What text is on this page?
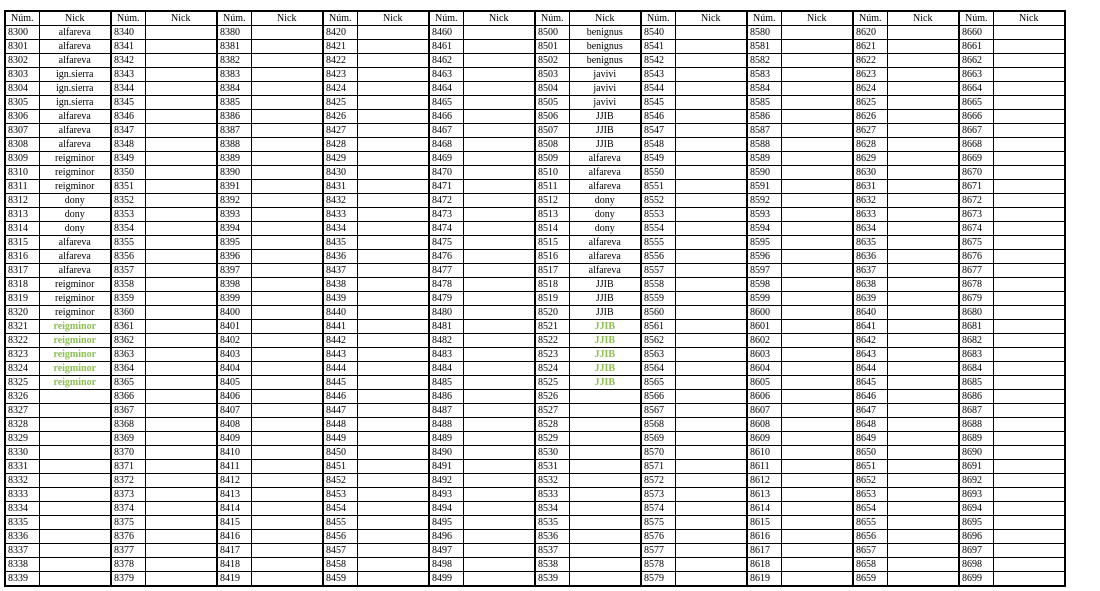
Núm.	Nick	Núm.	Nick	Núm.	Nick	Núm.	Nick	Núm.	Nick	Núm.	Nick	Núm.	Nick	Núm.	Nick	Núm.	Nick	Núm.	Nick
8300	alfareva	8340		8380		8420		8460		8500	benignus	8540		8580		8620		8660	
8301	alfareva	8341		8381		8421		8461		8501	benignus	8541		8581		8621		8661	
8302	alfareva	8342		8382		8422		8462		8502	benignus	8542		8582		8622		8662	
8303	ign.sierra	8343		8383		8423		8463		8503	javivi	8543		8583		8623		8663	
8304	ign.sierra	8344		8384		8424		8464		8504	javivi	8544		8584		8624		8664	
8305	ign.sierra	8345		8385		8425		8465		8505	javivi	8545		8585		8625		8665	
8306	alfareva	8346		8386		8426		8466		8506	JJIB	8546		8586		8626		8666	
8307	alfareva	8347		8387		8427		8467		8507	JJIB	8547		8587		8627		8667	
8308	alfareva	8348		8388		8428		8468		8508	JJIB	8548		8588		8628		8668	
8309	reigminor	8349		8389		8429		8469		8509	alfareva	8549		8589		8629		8669	
8310	reigminor	8350		8390		8430		8470		8510	alfareva	8550		8590		8630		8670	
8311	reigminor	8351		8391		8431		8471		8511	alfareva	8551		8591		8631		8671	
8312	dony	8352		8392		8432		8472		8512	dony	8552		8592		8632		8672	
8313	dony	8353		8393		8433		8473		8513	dony	8553		8593		8633		8673	
8314	dony	8354		8394		8434		8474		8514	dony	8554		8594		8634		8674	
8315	alfareva	8355		8395		8435		8475		8515	alfareva	8555		8595		8635		8675	
8316	alfareva	8356		8396		8436		8476		8516	alfareva	8556		8596		8636		8676	
8317	alfareva	8357		8397		8437		8477		8517	alfareva	8557		8597		8637		8677	
8318	reigminor	8358		8398		8438		8478		8518	JJIB	8558		8598		8638		8678	
8319	reigminor	8359		8399		8439		8479		8519	JJIB	8559		8599		8639		8679	
8320	reigminor	8360		8400		8440		8480		8520	JJIB	8560		8600		8640		8680	
8321	reigminor	8361		8401		8441		8481		8521	JJIB	8561		8601		8641		8681	
8322	reigminor	8362		8402		8442		8482		8522	JJIB	8562		8602		8642		8682	
8323	reigminor	8363		8403		8443		8483		8523	JJIB	8563		8603		8643		8683	
8324	reigminor	8364		8404		8444		8484		8524	JJIB	8564		8604		8644		8684	
8325	reigminor	8365		8405		8445		8485		8525	JJIB	8565		8605		8645		8685	
8326		8366		8406		8446		8486		8526		8566		8606		8646		8686	
8327		8367		8407		8447		8487		8527		8567		8607		8647		8687	
8328		8368		8408		8448		8488		8528		8568		8608		8648		8688	
8329		8369		8409		8449		8489		8529		8569		8609		8649		8689	
8330		8370		8410		8450		8490		8530		8570		8610		8650		8690	
8331		8371		8411		8451		8491		8531		8571		8611		8651		8691	
8332		8372		8412		8452		8492		8532		8572		8612		8652		8692	
8333		8373		8413		8453		8493		8533		8573		8613		8653		8693	
8334		8374		8414		8454		8494		8534		8574		8614		8654		8694	
8335		8375		8415		8455		8495		8535		8575		8615		8655		8695	
8336		8376		8416		8456		8496		8536		8576		8616		8656		8696	
8337		8377		8417		8457		8497		8537		8577		8617		8657		8697	
8338		8378		8418		8458		8498		8538		8578		8618		8658		8698	
8339		8379		8419		8459		8499		8539		8579		8619		8659		8699	
